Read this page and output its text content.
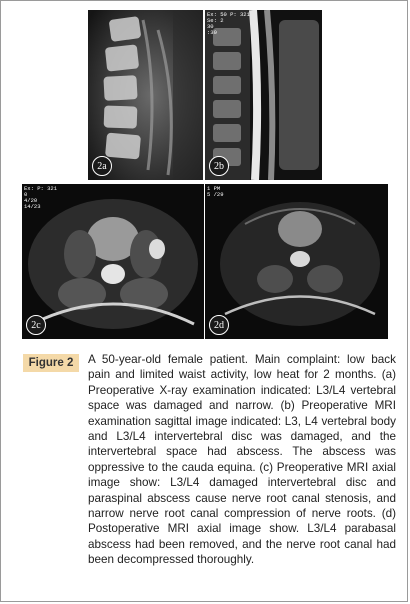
2a
Ex: 50 P: 321
Se: 2
30
:30
2b
Ex: P: 321
0
4/20
14/23
2c
1 PM
5 /29
2d
Figure 2	A 50-year-old female patient. Main complaint: low back pain and limited waist activity, low heat for 2 months. (a) Preoperative X-ray examination indicated: L3/L4 vertebral space was damaged and narrow. (b) Preoperative MRI examination sagittal image indicated: L3, L4 vertebral body and L3/L4 intervertebral disc was damaged, and the intervertebral space had abscess. The abscess was oppressive to the cauda equina. (c) Preoperative MRI axial image show: L3/L4 damaged intervertebral disc and paraspinal abscess cause nerve root canal stenosis, and narrow nerve root canal compression of nerve roots. (d) Postoperative MRI axial image show. L3/L4 parabasal abscess had been removed, and the nerve root canal had been decompressed thoroughly.
